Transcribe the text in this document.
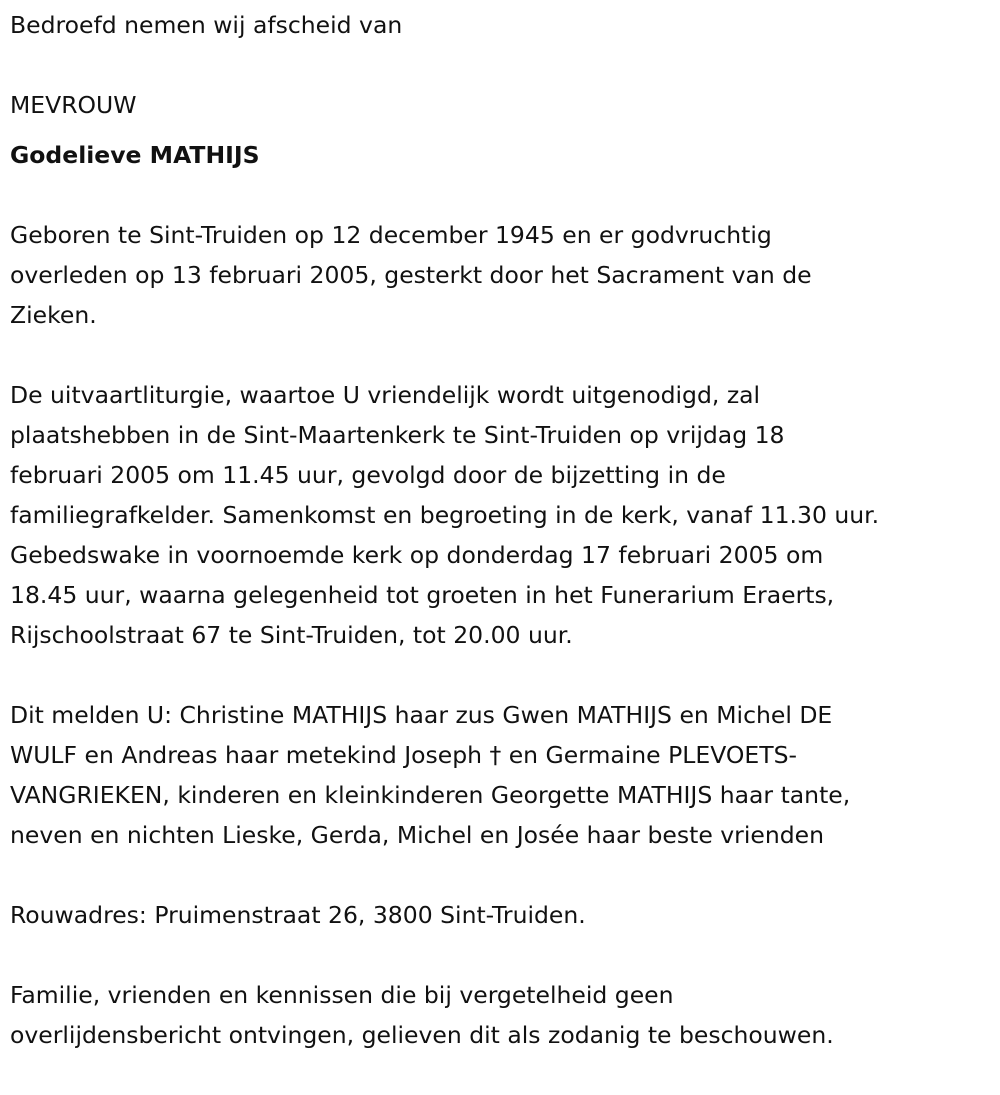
Bedroefd nemen wij afscheid van
MEVROUW
Godelieve MATHIJS
Geboren te Sint-Truiden op 12 december 1945 en er godvruchtig
overleden op 13 februari 2005, gesterkt door het Sacrament van de
Zieken.
De uitvaartliturgie, waartoe U vriendelijk wordt uitgenodigd, zal
plaatshebben in de Sint-Maartenkerk te Sint-Truiden op vrijdag 18
februari 2005 om 11.45 uur, gevolgd door de bijzetting in de
familiegrafkelder. Samenkomst en begroeting in de kerk, vanaf 11.30 uur.
Gebedswake in voornoemde kerk op donderdag 17 februari 2005 om
18.45 uur, waarna gelegenheid tot groeten in het Funerarium Eraerts,
Rijschoolstraat 67 te Sint-Truiden, tot 20.00 uur.
Dit melden U: Christine MATHIJS haar zus Gwen MATHIJS en Michel DE
WULF en Andreas haar metekind Joseph † en Germaine PLEVOETS-
VANGRIEKEN, kinderen en kleinkinderen Georgette MATHIJS haar tante,
neven en nichten Lieske, Gerda, Michel en Josée haar beste vrienden
Rouwadres: Pruimenstraat 26, 3800 Sint-Truiden.
Familie, vrienden en kennissen die bij vergetelheid geen
overlijdensbericht ontvingen, gelieven dit als zodanig te beschouwen.
